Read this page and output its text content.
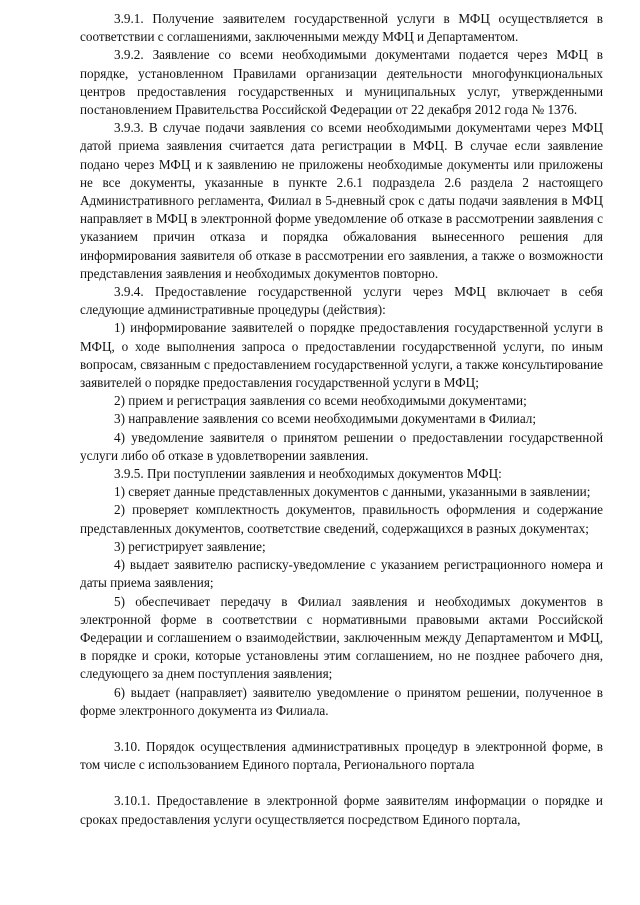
3.9.1. Получение заявителем государственной услуги в МФЦ осуществляется в соответствии с соглашениями, заключенными между МФЦ и Департаментом.

3.9.2. Заявление со всеми необходимыми документами подается через МФЦ в порядке, установленном Правилами организации деятельности многофункциональных центров предоставления государственных и муниципальных услуг, утвержденными постановлением Правительства Российской Федерации от 22 декабря 2012 года № 1376.

3.9.3. В случае подачи заявления со всеми необходимыми документами через МФЦ датой приема заявления считается дата регистрации в МФЦ. В случае если заявление подано через МФЦ и к заявлению не приложены необходимые документы или приложены не все документы, указанные в пункте 2.6.1 подраздела 2.6 раздела 2 настоящего Административного регламента, Филиал в 5-дневный срок с даты подачи заявления в МФЦ направляет в МФЦ в электронной форме уведомление об отказе в рассмотрении заявления с указанием причин отказа и порядка обжалования вынесенного решения для информирования заявителя об отказе в рассмотрении его заявления, а также о возможности представления заявления и необходимых документов повторно.

3.9.4. Предоставление государственной услуги через МФЦ включает в себя следующие административные процедуры (действия):

1) информирование заявителей о порядке предоставления государственной услуги в МФЦ, о ходе выполнения запроса о предоставлении государственной услуги, по иным вопросам, связанным с предоставлением государственной услуги, а также консультирование заявителей о порядке предоставления государственной услуги в МФЦ;

2) прием и регистрация заявления со всеми необходимыми документами;

3) направление заявления со всеми необходимыми документами в Филиал;

4) уведомление заявителя о принятом решении о предоставлении государственной услуги либо об отказе в удовлетворении заявления.

3.9.5. При поступлении заявления и необходимых документов МФЦ:

1) сверяет данные представленных документов с данными, указанными в заявлении;

2) проверяет комплектность документов, правильность оформления и содержание представленных документов, соответствие сведений, содержащихся в разных документах;

3) регистрирует заявление;

4) выдает заявителю расписку-уведомление с указанием регистрационного номера и даты приема заявления;

5) обеспечивает передачу в Филиал заявления и необходимых документов в электронной форме в соответствии с нормативными правовыми актами Российской Федерации и соглашением о взаимодействии, заключенным между Департаментом и МФЦ, в порядке и сроки, которые установлены этим соглашением, но не позднее рабочего дня, следующего за днем поступления заявления;

6) выдает (направляет) заявителю уведомление о принятом решении, полученное в форме электронного документа из Филиала.

3.10. Порядок осуществления административных процедур в электронной форме, в том числе с использованием Единого портала, Регионального портала

3.10.1. Предоставление в электронной форме заявителям информации о порядке и сроках предоставления услуги осуществляется посредством Единого портала,
